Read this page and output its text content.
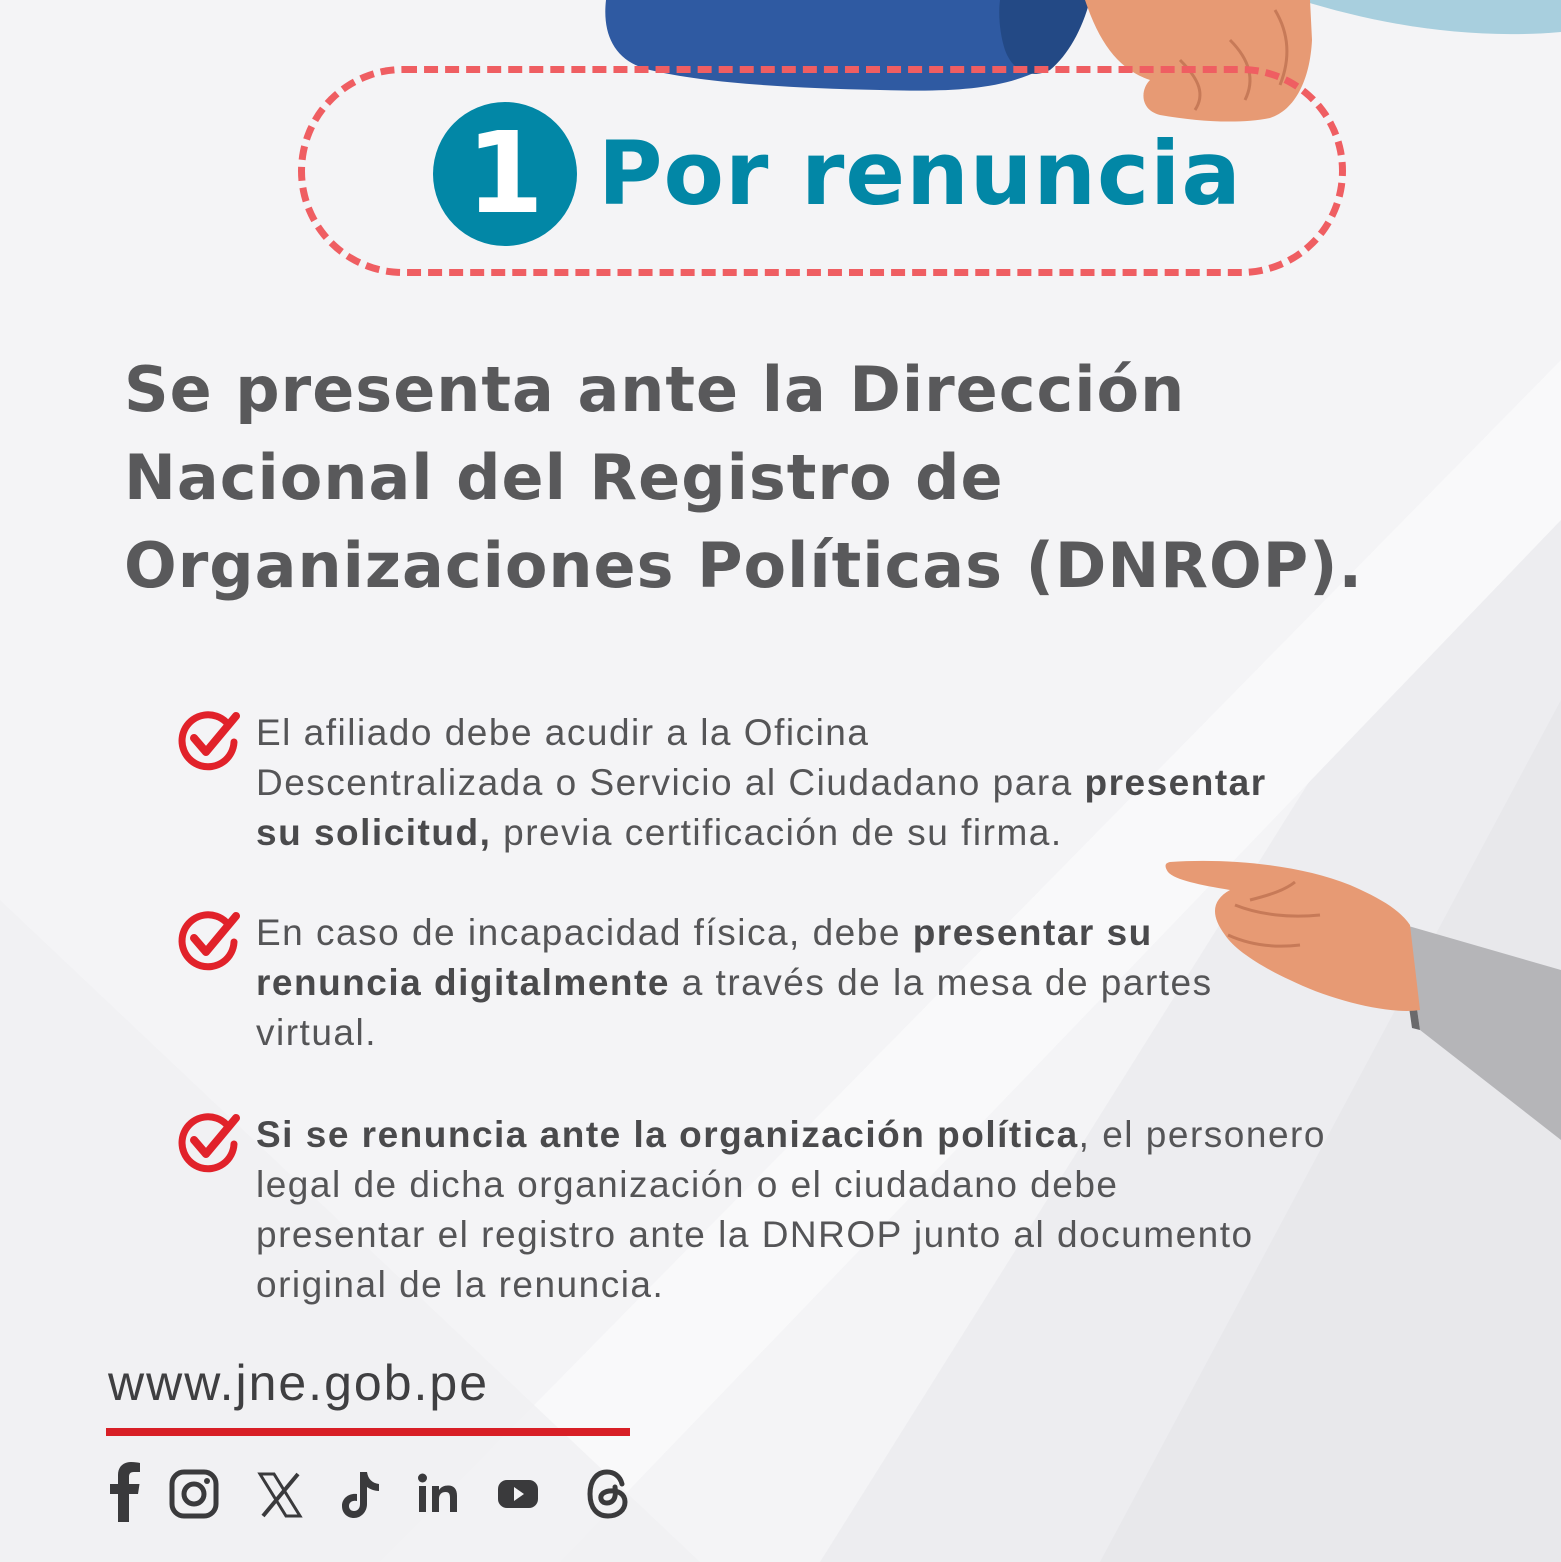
1 Por renuncia
Se presenta ante la Dirección
Nacional del Registro de
Organizaciones Políticas (DNROP).
El afiliado debe acudir a la Oficina
Descentralizada o Servicio al Ciudadano para presentar
su solicitud, previa certificación de su firma.
En caso de incapacidad física, debe presentar su
renuncia digitalmente a través de la mesa de partes
virtual.
Si se renuncia ante la organización política, el personero
legal de dicha organización o el ciudadano debe
presentar el registro ante la DNROP junto al documento
original de la renuncia.
www.jne.gob.pe
